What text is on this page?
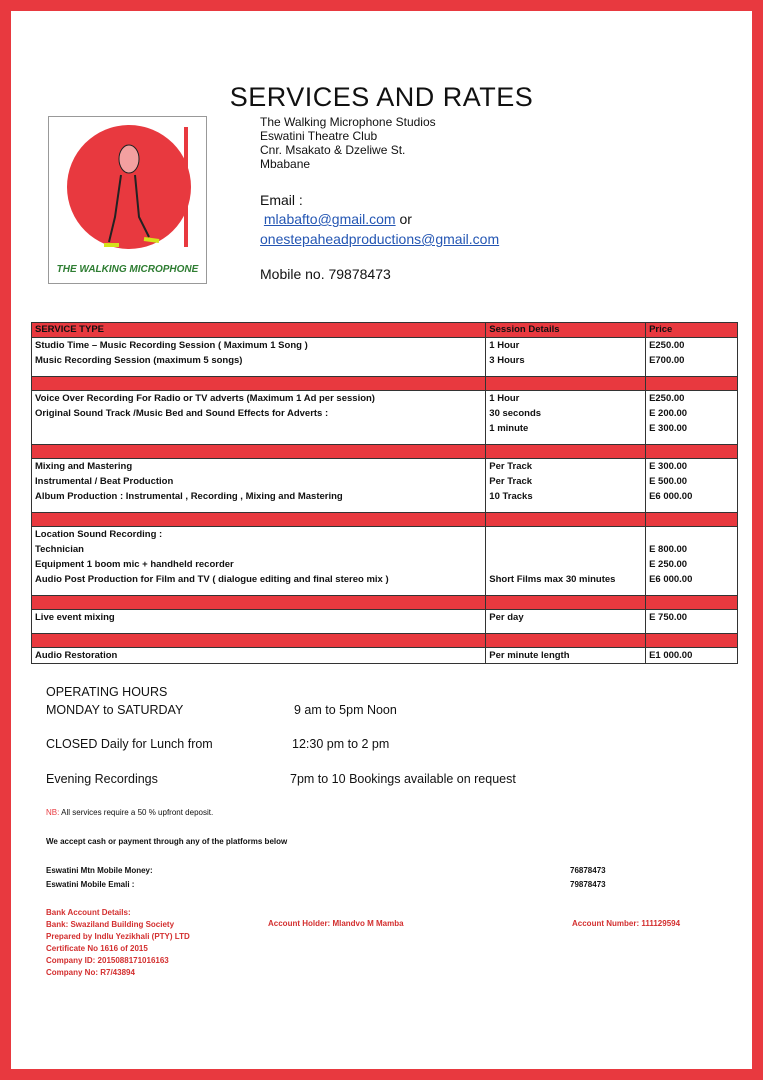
SERVICES AND RATES
THE WALKING MICROPHONE
The Walking Microphone Studios
Eswatini Theatre Club
Cnr. Msakato & Dzeliwe St.
Mbabane
Email :
mlabafto@gmail.com or
onestepaheadproductions@gmail.com
Mobile no. 79878473
SERVICE TYPE	Session Details	Price
Studio Time – Music Recording Session ( Maximum 1 Song )	1 Hour	E250.00
Music Recording Session (maximum 5 songs)	3 Hours	E700.00

Voice Over Recording For Radio or TV adverts (Maximum 1 Ad per session)	1 Hour	E250.00
Original Sound Track /Music Bed and Sound Effects for Adverts :	30 seconds	E 200.00
	1 minute	E 300.00

Mixing and Mastering	Per Track	E 300.00
Instrumental / Beat Production	Per Track	E 500.00
Album Production : Instrumental , Recording , Mixing and Mastering	10 Tracks	E6 000.00

Location Sound Recording :		
Technician		E 800.00
Equipment 1 boom mic + handheld recorder		E 250.00
Audio Post Production for Film and TV ( dialogue editing and final stereo mix )	Short Films max 30 minutes	E6 000.00

Live event mixing	Per day	E 750.00

Audio Restoration	Per minute length	E1 000.00
OPERATING HOURS
MONDAY to SATURDAY	9 am to 5pm Noon
CLOSED Daily for Lunch from	12:30 pm to 2 pm
Evening Recordings	7pm to 10 Bookings available on request
NB: All services require a 50 % upfront deposit.
We accept cash or payment through any of the platforms below
Eswatini Mtn Mobile Money:	76878473
Eswatini Mobile Emali :	79878473
Bank Account Details:
Bank: Swaziland Building Society
Prepared by Indlu Yezikhali (PTY) LTD
Certificate No 1616 of 2015
Company ID: 2015088171016163
Company No: R7/43894
Account Holder: Mlandvo M Mamba	Account Number: 111129594
